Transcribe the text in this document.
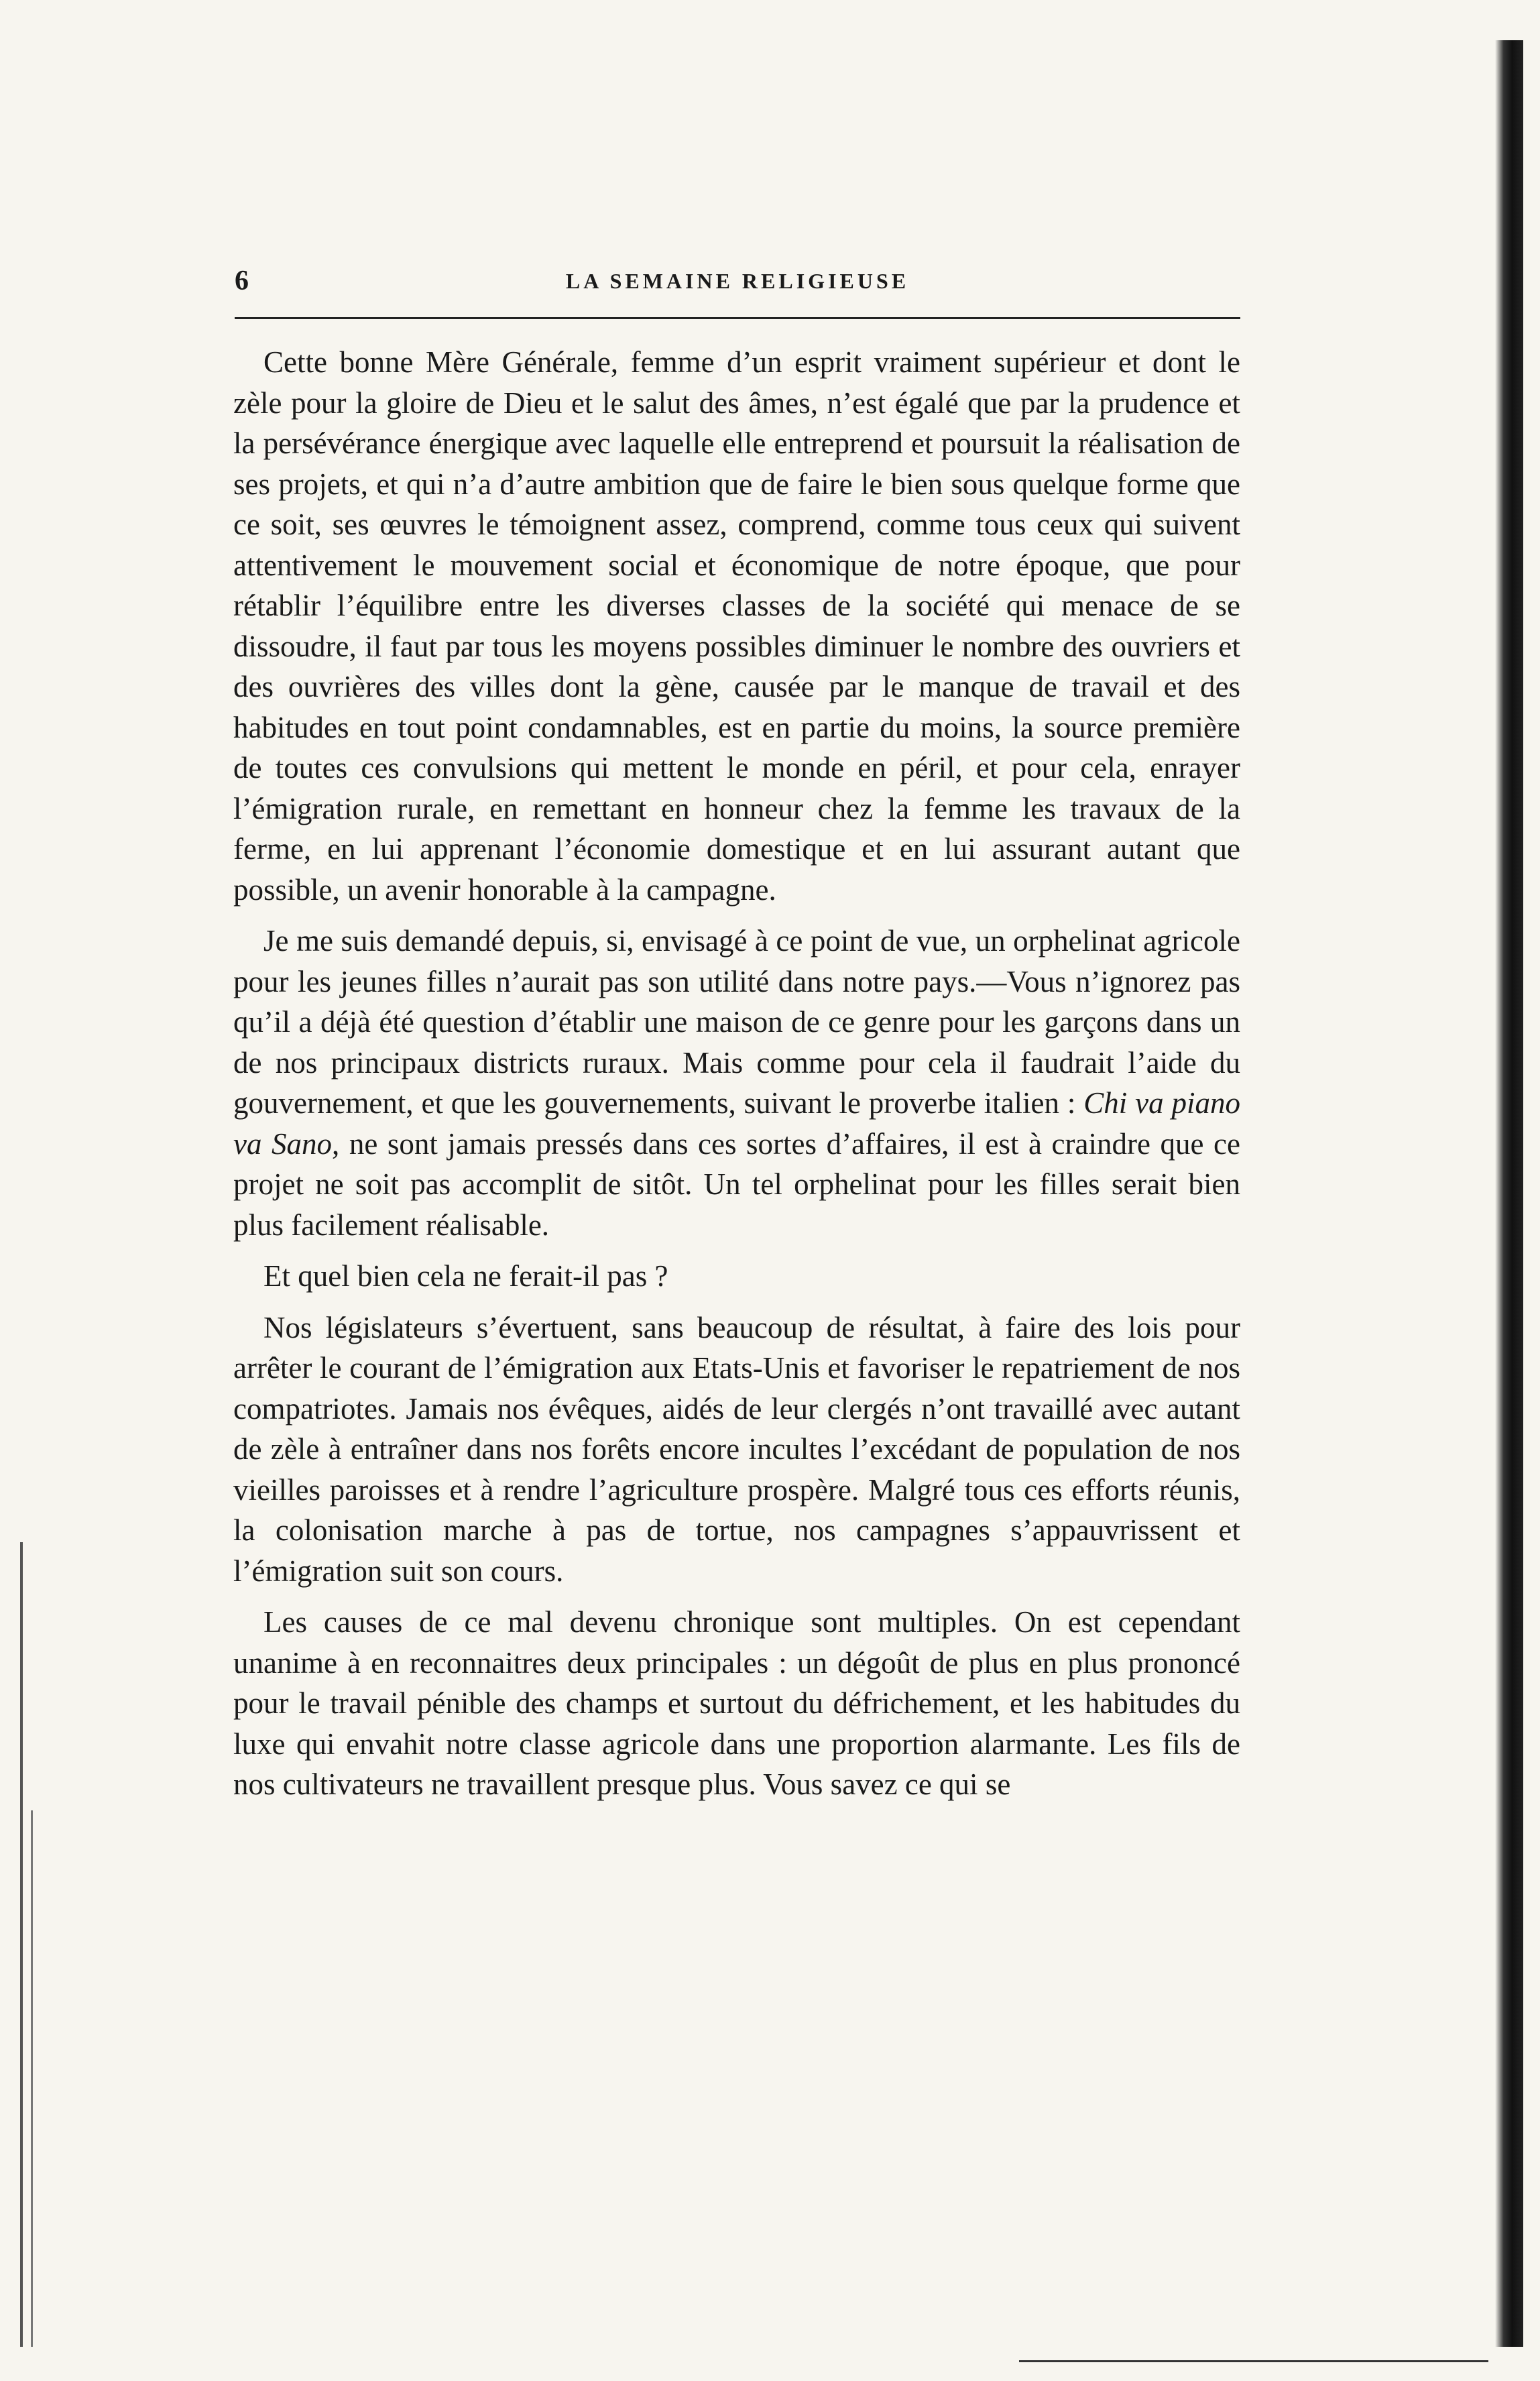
6	LA SEMAINE RELIGIEUSE

Cette bonne Mère Générale, femme d’un esprit vraiment supérieur et dont le zèle pour la gloire de Dieu et le salut des âmes, n’est égalé que par la prudence et la persévérance énergique avec laquelle elle entreprend et poursuit la réalisation de ses projets, et qui n’a d’autre ambition que de faire le bien sous quelque forme que ce soit, ses œuvres le témoignent assez, comprend, comme tous ceux qui suivent attentivement le mouvement social et économique de notre époque, que pour rétablir l’équilibre entre les diverses classes de la société qui menace de se dissoudre, il faut par tous les moyens possibles diminuer le nombre des ouvriers et des ouvrières des villes dont la gène, causée par le manque de travail et des habitudes en tout point condamnables, est en partie du moins, la source première de toutes ces convulsions qui mettent le monde en péril, et pour cela, enrayer l’émigration rurale, en remettant en honneur chez la femme les travaux de la ferme, en lui apprenant l’économie domestique et en lui assurant autant que possible, un avenir honorable à la campagne.

Je me suis demandé depuis, si, envisagé à ce point de vue, un orphelinat agricole pour les jeunes filles n’aurait pas son utilité dans notre pays.—Vous n’ignorez pas qu’il a déjà été question d’établir une maison de ce genre pour les garçons dans un de nos principaux districts ruraux. Mais comme pour cela il faudrait l’aide du gouvernement, et que les gouvernements, suivant le proverbe italien : Chi va piano va Sano, ne sont jamais pressés dans ces sortes d’affaires, il est à craindre que ce projet ne soit pas accomplit de sitôt. Un tel orphelinat pour les filles serait bien plus facilement réalisable.

Et quel bien cela ne ferait-il pas ?

Nos législateurs s’évertuent, sans beaucoup de résultat, à faire des lois pour arrêter le courant de l’émigration aux Etats-Unis et favoriser le repatriement de nos compatriotes. Jamais nos évêques, aidés de leur clergés n’ont travaillé avec autant de zèle à entraîner dans nos forêts encore incultes l’excédant de population de nos vieilles paroisses et à rendre l’agriculture prospère. Malgré tous ces efforts réunis, la colonisation marche à pas de tortue, nos campagnes s’appauvrissent et l’émigration suit son cours.

Les causes de ce mal devenu chronique sont multiples. On est cependant unanime à en reconnaitres deux principales : un dégoût de plus en plus prononcé pour le travail pénible des champs et surtout du défrichement, et les habitudes du luxe qui envahit notre classe agricole dans une proportion alarmante. Les fils de nos cultivateurs ne travaillent presque plus. Vous savez ce qui se
